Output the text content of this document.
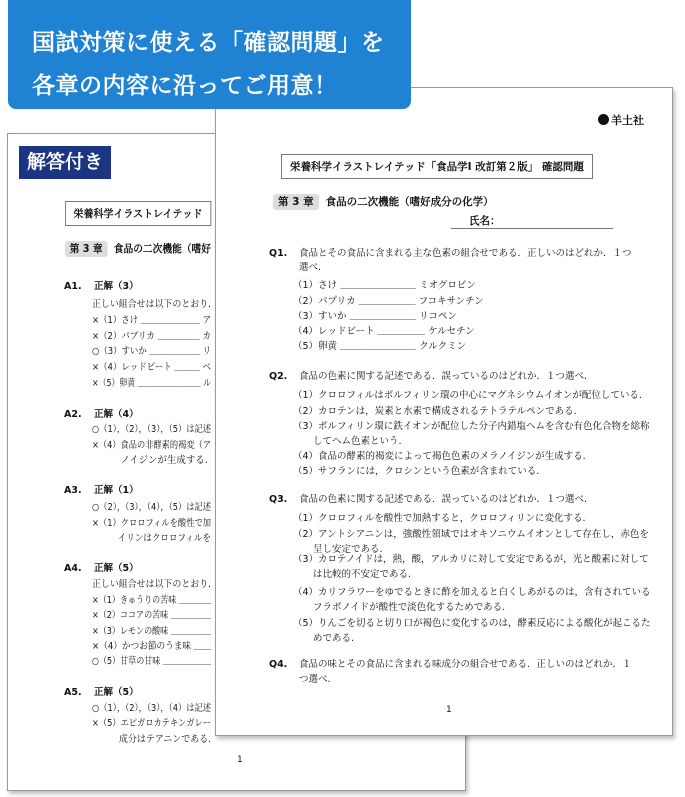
国試対策に使える「確認問題」を
各章の内容に沿ってご用意！
解答付き
栄養科学イラストレイテッド
第 3 章 食品の二次機能（嗜好
A1. 正解（3）
正しい組合せは以下のとおり.
×（1）さけ ＿＿＿＿＿＿＿ ア
×（2）パプリカ ＿＿＿＿＿ カ
○（3）すいか ＿＿＿＿＿＿ リ
×（4）レッドビート ＿＿＿ ベ
×（5）卵黄 ＿＿＿＿＿＿＿＿ ル
A2. 正解（4）
○（1），（2），（3），（5）は記述
×（4）食品の非酵素的褐変（ア
　　　ノイジンが生成する.
A3. 正解（1）
○（2），（3），（4），（5）は記述
×（1）クロロフィルを酸性で加
　　　イリンはクロロフィルを
A4. 正解（5）
正しい組合せは以下のとおり.
×（1）きゅうりの苦味 ＿＿＿＿
×（2）ココアの苦味 ＿＿＿＿＿
×（3）レモンの酸味 ＿＿＿＿＿
×（4）かつお節のうま味 ＿＿
○（5）甘草の甘味 ＿＿＿＿＿＿
A5. 正解（5）
○（1），（2），（3），（4）は記述
×（5）エピガロカテキンガレー
　　　成分はテアニンである.
1
羊土社
栄養科学イラストレイテッド「食品学Ⅰ 改訂第２版」 確認問題
第 3 章 食品の二次機能（嗜好成分の化学）
氏名：
Q1. 食品とその食品に含まれる主な色素の組合せである．正しいのはどれか．１つ
選べ.
（1）さけ ＿＿＿＿＿＿＿＿ ミオグロビン
（2）パプリカ ＿＿＿＿＿＿ フコキサンチン
（3）すいか ＿＿＿＿＿＿＿ リコペン
（4）レッドビート ＿＿＿＿＿ ケルセチン
（5）卵黄 ＿＿＿＿＿＿＿＿ クルクミン
Q2. 食品の色素に関する記述である．誤っているのはどれか．１つ選べ.
（1）クロロフィルはポルフィリン環の中心にマグネシウムイオンが配位している.
（2）カロテンは，炭素と水素で構成されるテトラテルペンである.
（3）ポルフィリン環に鉄イオンが配位した分子内錯塩ヘムを含む有色化合物を総称
してヘム色素という.
（4）食品の酵素的褐変によって褐色色素のメラノイジンが生成する.
（5）サフランには，クロシンという色素が含まれている.
Q3. 食品の色素に関する記述である．誤っているのはどれか．１つ選べ.
（1）クロロフィルを酸性で加熱すると，クロロフィリンに変化する.
（2）アントシアニンは，強酸性領域ではオキソニウムイオンとして存在し，赤色を
呈し安定である.
（3）カロテノイドは，熱，酸，アルカリに対して安定であるが，光と酸素に対して
は比較的不安定である.
（4）カリフラワーをゆでるときに酢を加えると白くしあがるのは，含有されている
フラボノイドが酸性で淡色化するためである.
（5）りんごを切ると切り口が褐色に変化するのは，酵素反応による酸化が起こるた
めである.
Q4. 食品の味とその食品に含まれる味成分の組合せである．正しいのはどれか．１
つ選べ.
1
